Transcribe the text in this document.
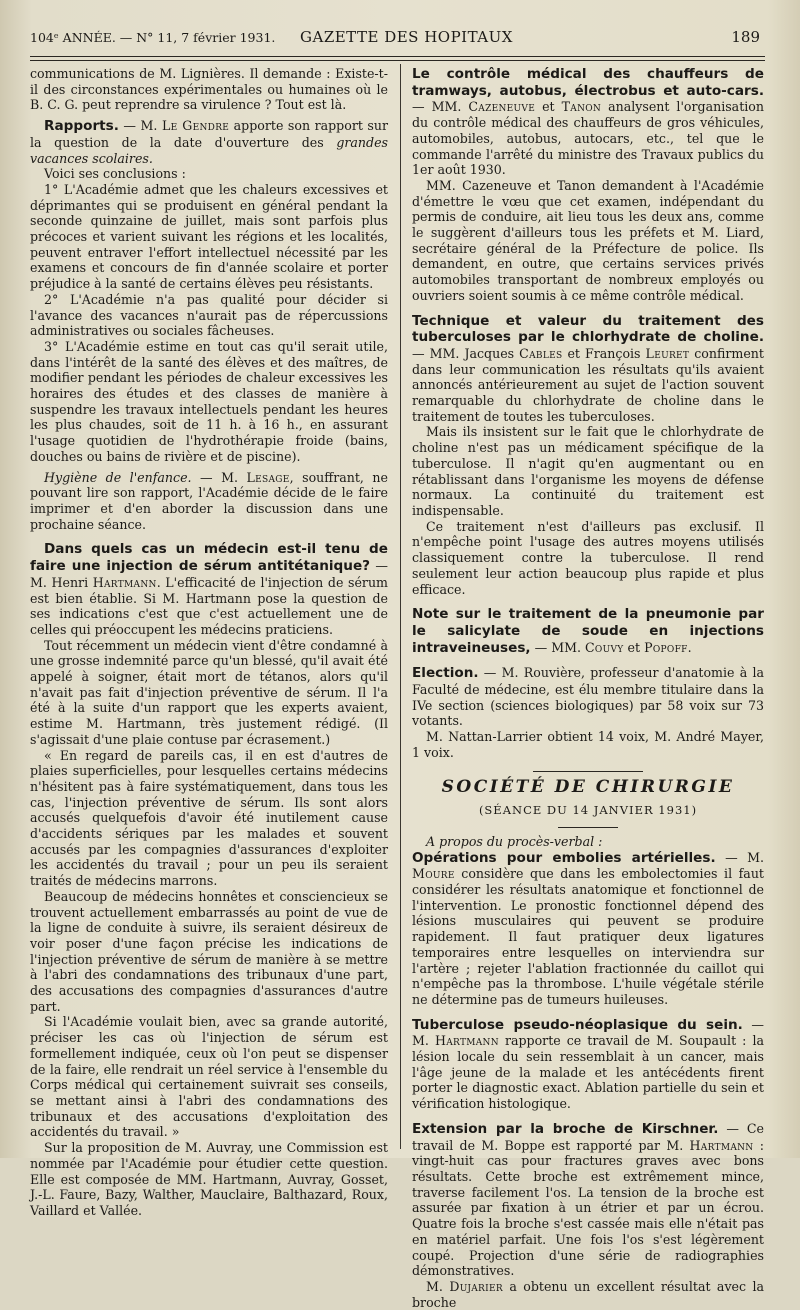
104ᵉ ANNÉE. — N° 11, 7 février 1931. GAZETTE DES HOPITAUX	189

communications de M. Lignières. Il demande : Existe-t-il des circonstances expérimentales ou humaines où le B. C. G. peut reprendre sa virulence ? Tout est là.

Rapports. — M. Le Gendre apporte son rapport sur la question de la date d'ouverture des grandes vacances scolaires.

Voici ses conclusions :

1° L'Académie admet que les chaleurs excessives et déprimantes qui se produisent en général pendant la seconde quinzaine de juillet, mais sont parfois plus précoces et varient suivant les régions et les localités, peuvent entraver l'effort intellectuel nécessité par les examens et concours de fin d'année scolaire et porter préjudice à la santé de certains élèves peu résistants.

2° L'Académie n'a pas qualité pour décider si l'avance des vacances n'aurait pas de répercussions administratives ou sociales fâcheuses.

3° L'Académie estime en tout cas qu'il serait utile, dans l'intérêt de la santé des élèves et des maîtres, de modifier pendant les périodes de chaleur excessives les horaires des études et des classes de manière à suspendre les travaux intellectuels pendant les heures les plus chaudes, soit de 11 h. à 16 h., en assurant l'usage quotidien de l'hydrothérapie froide (bains, douches ou bains de rivière et de piscine).

Hygiène de l'enfance. — M. Lesage, souffrant, ne pouvant lire son rapport, l'Académie décide de le faire imprimer et d'en aborder la discussion dans une prochaine séance.

Dans quels cas un médecin est-il tenu de faire une injection de sérum antitétanique? — M. Henri Hartmann. L'efficacité de l'injection de sérum est bien établie. Si M. Hartmann pose la question de ses indications c'est que c'est actuellement une de celles qui préoccupent les médecins praticiens.

Tout récemment un médecin vient d'être condamné à une grosse indemnité parce qu'un blessé, qu'il avait été appelé à soigner, était mort de tétanos, alors qu'il n'avait pas fait d'injection préventive de sérum. Il l'a été à la suite d'un rapport que les experts avaient, estime M. Hartmann, très justement rédigé. (Il s'agissait d'une plaie contuse par écrasement.)

« En regard de pareils cas, il en est d'autres de plaies superficielles, pour lesquelles certains médecins n'hésitent pas à faire systématiquement, dans tous les cas, l'injection préventive de sérum. Ils sont alors accusés quelquefois d'avoir été inutilement cause d'accidents sériques par les malades et souvent accusés par les compagnies d'assurances d'exploiter les accidentés du travail ; pour un peu ils seraient traités de médecins marrons.

Beaucoup de médecins honnêtes et consciencieux se trouvent actuellement embarrassés au point de vue de la ligne de conduite à suivre, ils seraient désireux de voir poser d'une façon précise les indications de l'injection préventive de sérum de manière à se mettre à l'abri des condamnations des tribunaux d'une part, des accusations des compagnies d'assurances d'autre part.

Si l'Académie voulait bien, avec sa grande autorité, préciser les cas où l'injection de sérum est formellement indiquée, ceux où l'on peut se dispenser de la faire, elle rendrait un réel service à l'ensemble du Corps médical qui certainement suivrait ses conseils, se mettant ainsi à l'abri des condamnations des tribunaux et des accusations d'exploitation des accidentés du travail. »

Sur la proposition de M. Auvray, une Commission est nommée par l'Académie pour étudier cette question. Elle est composée de MM. Hartmann, Auvray, Gosset, J.-L. Faure, Bazy, Walther, Mauclaire, Balthazard, Roux, Vaillard et Vallée.

Le contrôle médical des chauffeurs de tramways, autobus, électrobus et auto-cars. — MM. Cazeneuve et Tanon analysent l'organisation du contrôle médical des chauffeurs de gros véhicules, automobiles, autobus, autocars, etc., tel que le commande l'arrêté du ministre des Travaux publics du 1er août 1930.

MM. Cazeneuve et Tanon demandent à l'Académie d'émettre le vœu que cet examen, indépendant du permis de conduire, ait lieu tous les deux ans, comme le suggèrent d'ailleurs tous les préfets et M. Liard, secrétaire général de la Préfecture de police. Ils demandent, en outre, que certains services privés automobiles transportant de nombreux employés ou ouvriers soient soumis à ce même contrôle médical.

Technique et valeur du traitement des tuberculoses par le chlorhydrate de choline. — MM. Jacques Cables et François Leuret confirment dans leur communication les résultats qu'ils avaient annoncés antérieurement au sujet de l'action souvent remarquable du chlorhydrate de choline dans le traitement de toutes les tuberculoses.

Mais ils insistent sur le fait que le chlorhydrate de choline n'est pas un médicament spécifique de la tuberculose. Il n'agit qu'en augmentant ou en rétablissant dans l'organisme les moyens de défense normaux. La continuité du traitement est indispensable.

Ce traitement n'est d'ailleurs pas exclusif. Il n'empêche point l'usage des autres moyens utilisés classiquement contre la tuberculose. Il rend seulement leur action beaucoup plus rapide et plus efficace.

Note sur le traitement de la pneumonie par le salicylate de soude en injections intraveineuses, — MM. Couvy et Popoff.

Election. — M. Rouvière, professeur d'anatomie à la Faculté de médecine, est élu membre titulaire dans la IVe section (sciences biologiques) par 58 voix sur 73 votants.

M. Nattan-Larrier obtient 14 voix, M. André Mayer, 1 voix.

SOCIÉTÉ DE CHIRURGIE
(SÉANCE DU 14 JANVIER 1931)

A propos du procès-verbal :

Opérations pour embolies artérielles. — M. Moure considère que dans les embolectomies il faut considérer les résultats anatomique et fonctionnel de l'intervention. Le pronostic fonctionnel dépend des lésions musculaires qui peuvent se produire rapidement. Il faut pratiquer deux ligatures temporaires entre lesquelles on interviendra sur l'artère ; rejeter l'ablation fractionnée du caillot qui n'empêche pas la thrombose. L'huile végétale stérile ne détermine pas de tumeurs huileuses.

Tuberculose pseudo-néoplasique du sein. — M. Hartmann rapporte ce travail de M. Soupault : la lésion locale du sein ressemblait à un cancer, mais l'âge jeune de la malade et les antécédents firent porter le diagnostic exact. Ablation partielle du sein et vérification histologique.

Extension par la broche de Kirschner. — Ce travail de M. Boppe est rapporté par M. Hartmann : vingt-huit cas pour fractures graves avec bons résultats. Cette broche est extrêmement mince, traverse facilement l'os. La tension de la broche est assurée par fixation à un étrier et par un écrou. Quatre fois la broche s'est cassée mais elle n'était pas en matériel parfait. Une fois l'os s'est légèrement coupé. Projection d'une série de radiographies démonstratives.

M. Dujarier a obtenu un excellent résultat avec la broche
